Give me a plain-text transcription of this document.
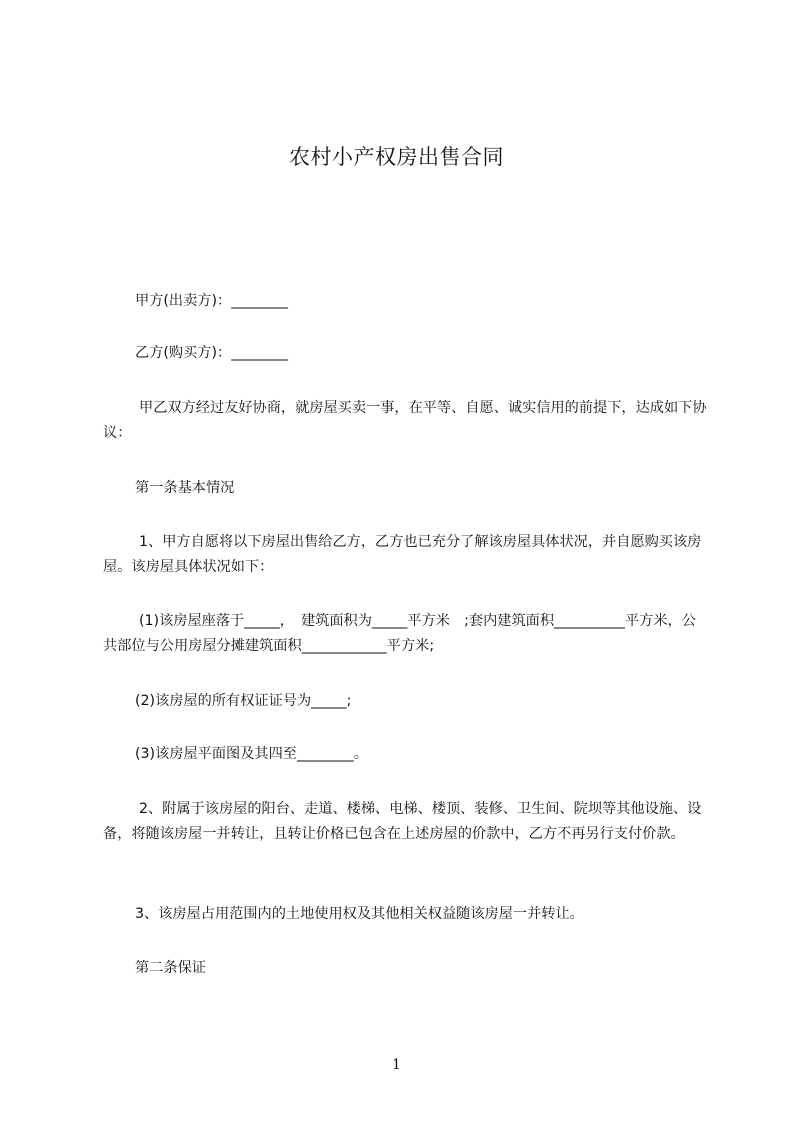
农村小产权房出售合同
甲方(出卖方)：________
乙方(购买方)：________
甲乙双方经过友好协商，就房屋买卖一事，在平等、自愿、诚实信用的前提下，达成如下协议：
第一条基本情况
1、甲方自愿将以下房屋出售给乙方，乙方也已充分了解该房屋具体状况，并自愿购买该房屋。该房屋具体状况如下：
(1)该房屋座落于_____，　建筑面积为_____平方米　;套内建筑面积__________平方米，公共部位与公用房屋分摊建筑面积____________平方米;
(2)该房屋的所有权证证号为_____;
(3)该房屋平面图及其四至________。
2、附属于该房屋的阳台、走道、楼梯、电梯、楼顶、装修、卫生间、院坝等其他设施、设备，将随该房屋一并转让，且转让价格已包含在上述房屋的价款中，乙方不再另行支付价款。
3、该房屋占用范围内的土地使用权及其他相关权益随该房屋一并转让。
第二条保证
1
